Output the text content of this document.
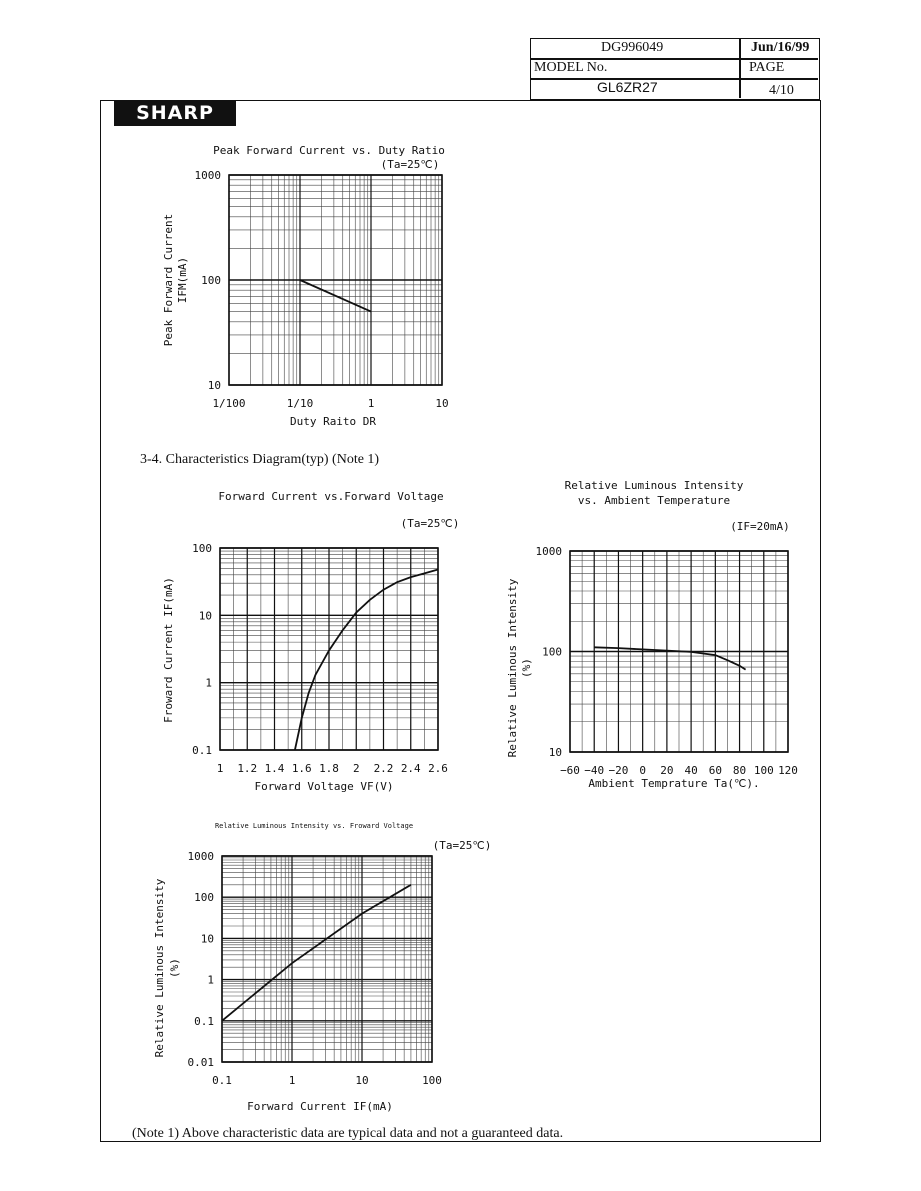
DG996049	Jun/16/99
MODEL No.	PAGE
GL6ZR27	4/10
SHARP
3-4. Characteristics Diagram(typ) (Note 1)
(Note 1) Above characteristic data are typical data and not a guaranteed data.
1/100	1/10	1	10
10
100
1000
Peak Forward Current vs. Duty Ratio
(Ta=25℃)
Duty Raito DR
Peak Forward Current IFM(mA)
1 1.2 1.4 1.6 1.8 2 2.2 2.4 2.6
0.1
1
10
100
Forward Current vs.Forward Voltage
(Ta=25℃)
Forward Voltage VF(V)
Froward Current IF(mA)
−60 −40 −20 0 20 40 60 80 100 120
10
100
1000
Relative Luminous Intensity
vs. Ambient Temperature
(IF=20mA)
Ambient Temprature Ta(℃).
Relative Luminous Intensity (%)
0.1	1	10	100
0.01
0.1
1
10
100
1000
Relative Luminous Intensity vs. Froward Voltage
(Ta=25℃)
Forward Current IF(mA)
Relative Luminous Intensity (%)
